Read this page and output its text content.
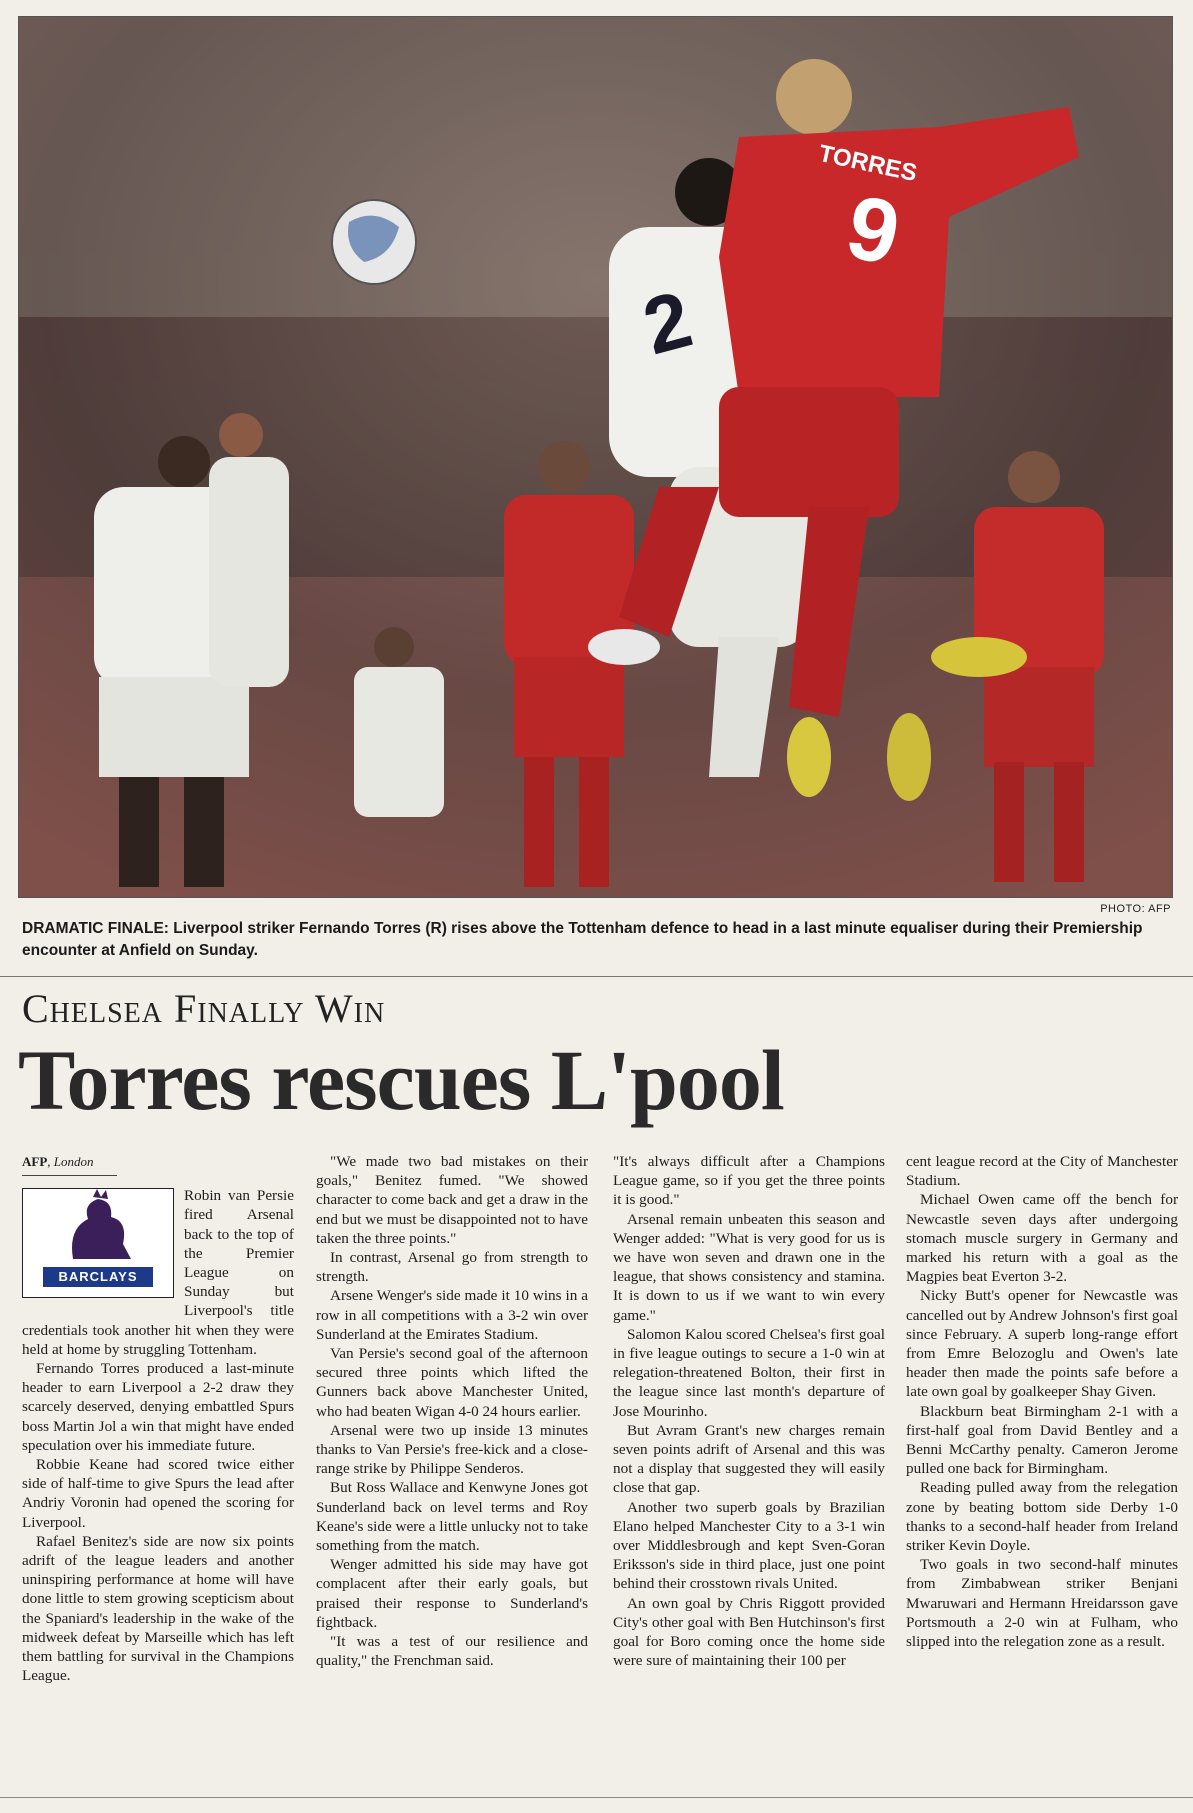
2
TORRES
9
PHOTO: AFP
DRAMATIC FINALE: Liverpool striker Fernando Torres (R) rises above the Tottenham defence to head in a last minute equaliser during their Premiership encounter at Anfield on Sunday.
Chelsea Finally Win
Torres rescues L'pool
AFP, London
BARCLAYS

Robin van Persie fired Arsenal back to the top of the Premier League on Sunday but Liverpool's title credentials took another hit when they were held at home by struggling Tottenham.

Fernando Torres produced a last-minute header to earn Liverpool a 2-2 draw they scarcely deserved, denying embattled Spurs boss Martin Jol a win that might have ended speculation over his immediate future.

Robbie Keane had scored twice either side of half-time to give Spurs the lead after Andriy Voronin had opened the scoring for Liverpool.

Rafael Benitez's side are now six points adrift of the league leaders and another uninspiring performance at home will have done little to stem growing scepticism about the Spaniard's leadership in the wake of the midweek defeat by Marseille which has left them battling for survival in the Champions League.

"We made two bad mistakes on their goals," Benitez fumed. "We showed character to come back and get a draw in the end but we must be disappointed not to have taken the three points."

In contrast, Arsenal go from strength to strength.

Arsene Wenger's side made it 10 wins in a row in all competitions with a 3-2 win over Sunderland at the Emirates Stadium.

Van Persie's second goal of the afternoon secured three points which lifted the Gunners back above Manchester United, who had beaten Wigan 4-0 24 hours earlier.

Arsenal were two up inside 13 minutes thanks to Van Persie's free-kick and a close-range strike by Philippe Senderos.

But Ross Wallace and Kenwyne Jones got Sunderland back on level terms and Roy Keane's side were a little unlucky not to take something from the match.

Wenger admitted his side may have got complacent after their early goals, but praised their response to Sunderland's fightback.

"It was a test of our resilience and quality," the Frenchman said.

"It's always difficult after a Champions League game, so if you get the three points it is good."

Arsenal remain unbeaten this season and Wenger added: "What is very good for us is we have won seven and drawn one in the league, that shows consistency and stamina. It is down to us if we want to win every game."

Salomon Kalou scored Chelsea's first goal in five league outings to secure a 1-0 win at relegation-threatened Bolton, their first in the league since last month's departure of Jose Mourinho.

But Avram Grant's new charges remain seven points adrift of Arsenal and this was not a display that suggested they will easily close that gap.

Another two superb goals by Brazilian Elano helped Manchester City to a 3-1 win over Middlesbrough and kept Sven-Goran Eriksson's side in third place, just one point behind their crosstown rivals United.

An own goal by Chris Riggott provided City's other goal with Ben Hutchinson's first goal for Boro coming once the home side were sure of maintaining their 100 per

cent league record at the City of Manchester Stadium.

Michael Owen came off the bench for Newcastle seven days after undergoing stomach muscle surgery in Germany and marked his return with a goal as the Magpies beat Everton 3-2.

Nicky Butt's opener for Newcastle was cancelled out by Andrew Johnson's first goal since February. A superb long-range effort from Emre Belozoglu and Owen's late header then made the points safe before a late own goal by goalkeeper Shay Given.

Blackburn beat Birmingham 2-1 with a first-half goal from David Bentley and a Benni McCarthy penalty. Cameron Jerome pulled one back for Birmingham.

Reading pulled away from the relegation zone by beating bottom side Derby 1-0 thanks to a second-half header from Ireland striker Kevin Doyle.

Two goals in two second-half minutes from Zimbabwean striker Benjani Mwaruwari and Hermann Hreidarsson gave Portsmouth a 2-0 win at Fulham, who slipped into the relegation zone as a result.
